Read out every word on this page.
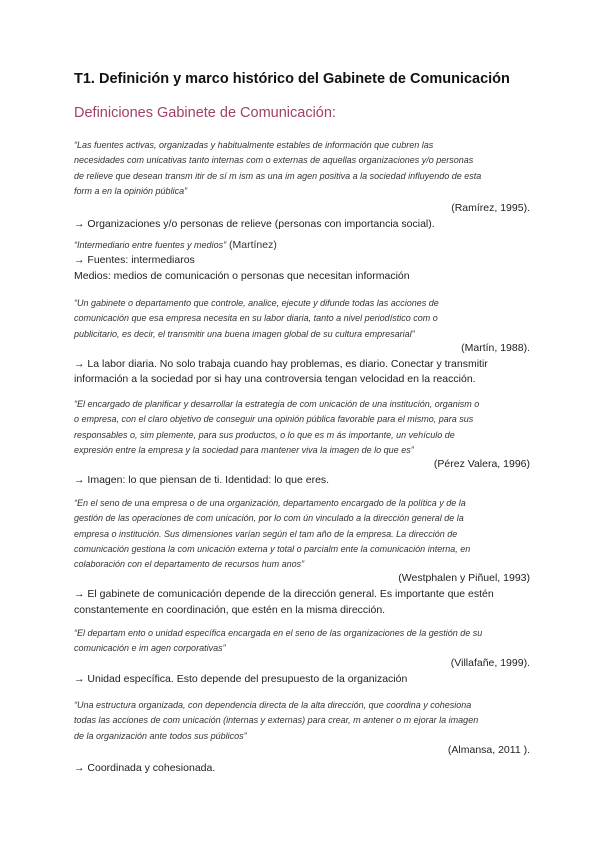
T1. Definición y marco histórico del Gabinete de Comunicación
Definiciones Gabinete de Comunicación:
“Las fuentes activas, organizadas y habitualmente estables de información que cubren las
necesidades com unicativas tanto internas com o externas de aquellas organizaciones y/o personas
de relieve que desean transm itir de sí m ism as una im agen positiva a la sociedad influyendo de esta
form a en la opinión pública”
(Ramírez, 1995).
→ Organizaciones y/o personas de relieve (personas con importancia social).
“Intermediario entre fuentes y medios” (Martínez)
→ Fuentes: intermediaros
Medios: medios de comunicación o personas que necesitan información
“Un gabinete o departamento que controle, analice, ejecute y difunde todas las acciones de
comunicación que esa empresa necesita en su labor diaria, tanto a nivel periodístico com o
publicitario, es decir, el transmitir una buena imagen global de su cultura empresarial”
(Martín, 1988).
→ La labor diaria. No solo trabaja cuando hay problemas, es diario. Conectar y transmitir
información a la sociedad por si hay una controversia tengan velocidad en la reacción.
“El encargado de planificar y desarrollar la estrategia de com unicación de una institución, organism o
o empresa, con el claro objetivo de conseguir una opinión pública favorable para el mismo, para sus
responsables o, sim plemente, para sus productos, o lo que es m ás importante, un vehículo de
expresión entre la empresa y la sociedad para mantener viva la imagen de lo que es”
(Pérez Valera, 1996)
→ Imagen: lo que piensan de ti. Identidad: lo que eres.
“En el seno de una empresa o de una organización, departamento encargado de la política y de la
gestión de las operaciones de com unicación, por lo com ún vinculado a la dirección general de la
empresa o institución. Sus dimensiones varían según el tam año de la empresa. La dirección de
comunicación gestiona la com unicación externa y total o parcialm ente la comunicación interna, en
colaboración con el departamento de recursos hum anos”
(Westphalen y Piñuel, 1993)
→ El gabinete de comunicación depende de la dirección general. Es importante que estén
constantemente en coordinación, que estén en la misma dirección.
“El departam ento o unidad específica encargada en el seno de las organizaciones de la gestión de su
comunicación e im agen corporativas”
(Villafañe, 1999).
→ Unidad específica. Esto depende del presupuesto de la organización
“Una estructura organizada, con dependencia directa de la alta dirección, que coordina y cohesiona
todas las acciones de com unicación (internas y externas) para crear, m antener o m ejorar la imagen
de la organización ante todos sus públicos”
(Almansa, 2011 ).
→ Coordinada y cohesionada.
